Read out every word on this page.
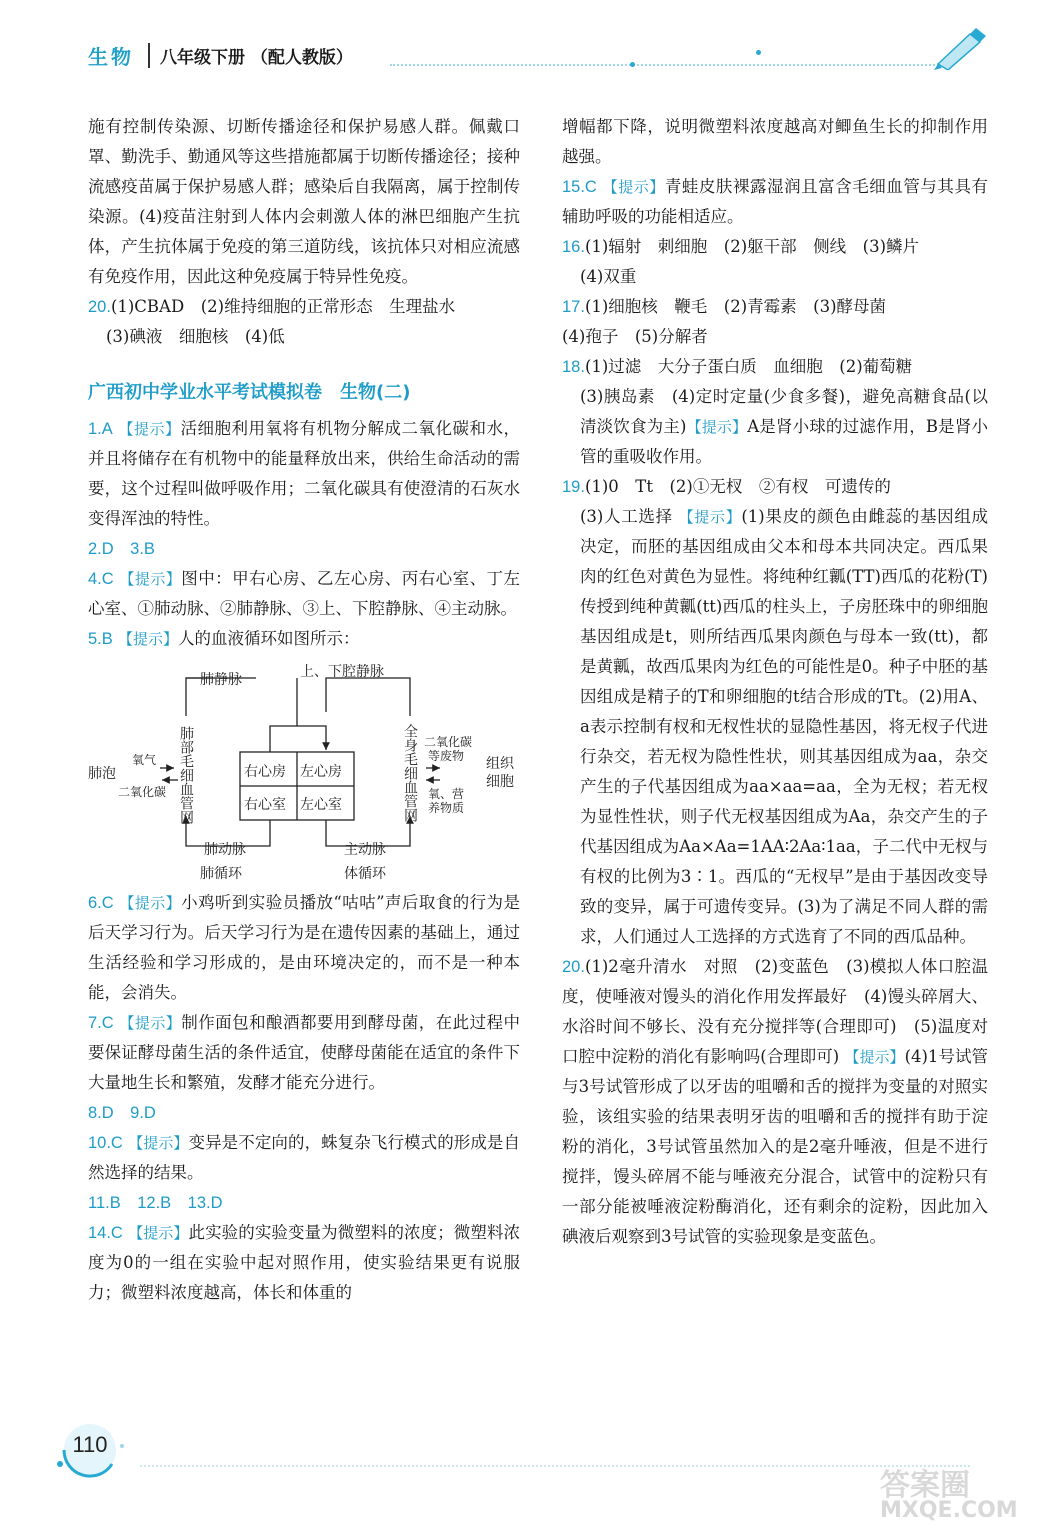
生物	八年级下册 （配人教版）

施有控制传染源、切断传播途径和保护易感人群。佩戴口罩、勤洗手、勤通风等这些措施都属于切断传播途径；接种流感疫苗属于保护易感人群；感染后自我隔离，属于控制传染源。(4)疫苗注射到人体内会刺激人体的淋巴细胞产生抗体，产生抗体属于免疫的第三道防线，该抗体只对相应流感有免疫作用，因此这种免疫属于特异性免疫。

20.(1)CBAD　(2)维持细胞的正常形态　生理盐水

(3)碘液　细胞核　(4)低

广西初中学业水平考试模拟卷　生物(二)

1.A 【提示】活细胞利用氧将有机物分解成二氧化碳和水，并且将储存在有机物中的能量释放出来，供给生命活动的需要，这个过程叫做呼吸作用；二氧化碳具有使澄清的石灰水变得浑浊的特性。

2.D　3.B

4.C 【提示】图中：甲右心房、乙左心房、丙右心室、丁左心室、①肺动脉、②肺静脉、③上、下腔静脉、④主动脉。

5.B 【提示】人的血液循环如图所示：

肺静脉	上、下腔静脉
右心房 左心房
右心室 左心室
肺部毛细血管网	全身毛细血管网
肺泡
氧气
二氧化碳
二氧化碳
等废物 组织
细胞
氧、营
养物质
肺动脉	主动脉
肺循环	体循环

6.C 【提示】小鸡听到实验员播放“咕咕”声后取食的行为是后天学习行为。后天学习行为是在遗传因素的基础上，通过生活经验和学习形成的，是由环境决定的，而不是一种本能，会消失。

7.C 【提示】制作面包和酿酒都要用到酵母菌，在此过程中要保证酵母菌生活的条件适宜，使酵母菌能在适宜的条件下大量地生长和繁殖，发酵才能充分进行。

8.D　9.D

10.C 【提示】变异是不定向的，蛛复杂飞行模式的形成是自然选择的结果。

11.B　12.B　13.D

14.C 【提示】此实验的实验变量为微塑料的浓度；微塑料浓度为0的一组在实验中起对照作用，使实验结果更有说服力；微塑料浓度越高，体长和体重的

增幅都下降，说明微塑料浓度越高对鲫鱼生长的抑制作用越强。

15.C 【提示】青蛙皮肤裸露湿润且富含毛细血管与其具有辅助呼吸的功能相适应。

16.(1)辐射　刺细胞　(2)躯干部　侧线　(3)鳞片

(4)双重

17.(1)细胞核　鞭毛　(2)青霉素　(3)酵母菌

(4)孢子　(5)分解者

18.(1)过滤　大分子蛋白质　血细胞　(2)葡萄糖

(3)胰岛素　(4)定时定量(少食多餐)，避免高糖食品(以清淡饮食为主)【提示】A是肾小球的过滤作用，B是肾小管的重吸收作用。

19.(1)0　Tt　(2)①无杈　②有杈　可遗传的

(3)人工选择 【提示】(1)果皮的颜色由雌蕊的基因组成决定，而胚的基因组成由父本和母本共同决定。西瓜果肉的红色对黄色为显性。将纯种红瓤(TT)西瓜的花粉(T)传授到纯种黄瓤(tt)西瓜的柱头上，子房胚珠中的卵细胞基因组成是t，则所结西瓜果肉颜色与母本一致(tt)，都是黄瓤，故西瓜果肉为红色的可能性是0。种子中胚的基因组成是精子的T和卵细胞的t结合形成的Tt。(2)用A、a表示控制有杈和无杈性状的显隐性基因，将无杈子代进行杂交，若无杈为隐性性状，则其基因组成为aa，杂交产生的子代基因组成为aa×aa=aa，全为无杈；若无杈为显性性状，则子代无杈基因组成为Aa，杂交产生的子代基因组成为Aa×Aa=1AA∶2Aa∶1aa，子二代中无杈与有杈的比例为3∶1。西瓜的“无杈早”是由于基因改变导致的变异，属于可遗传变异。(3)为了满足不同人群的需求，人们通过人工选择的方式选育了不同的西瓜品种。

20.(1)2毫升清水　对照　(2)变蓝色　(3)模拟人体口腔温度，使唾液对馒头的消化作用发挥最好　(4)馒头碎屑大、水浴时间不够长、没有充分搅拌等(合理即可)　(5)温度对口腔中淀粉的消化有影响吗(合理即可) 【提示】(4)1号试管与3号试管形成了以牙齿的咀嚼和舌的搅拌为变量的对照实验，该组实验的结果表明牙齿的咀嚼和舌的搅拌有助于淀粉的消化，3号试管虽然加入的是2毫升唾液，但是不进行搅拌，馒头碎屑不能与唾液充分混合，试管中的淀粉只有一部分能被唾液淀粉酶消化，还有剩余的淀粉，因此加入碘液后观察到3号试管的实验现象是变蓝色。

110
答案圈
MXQE.COM
